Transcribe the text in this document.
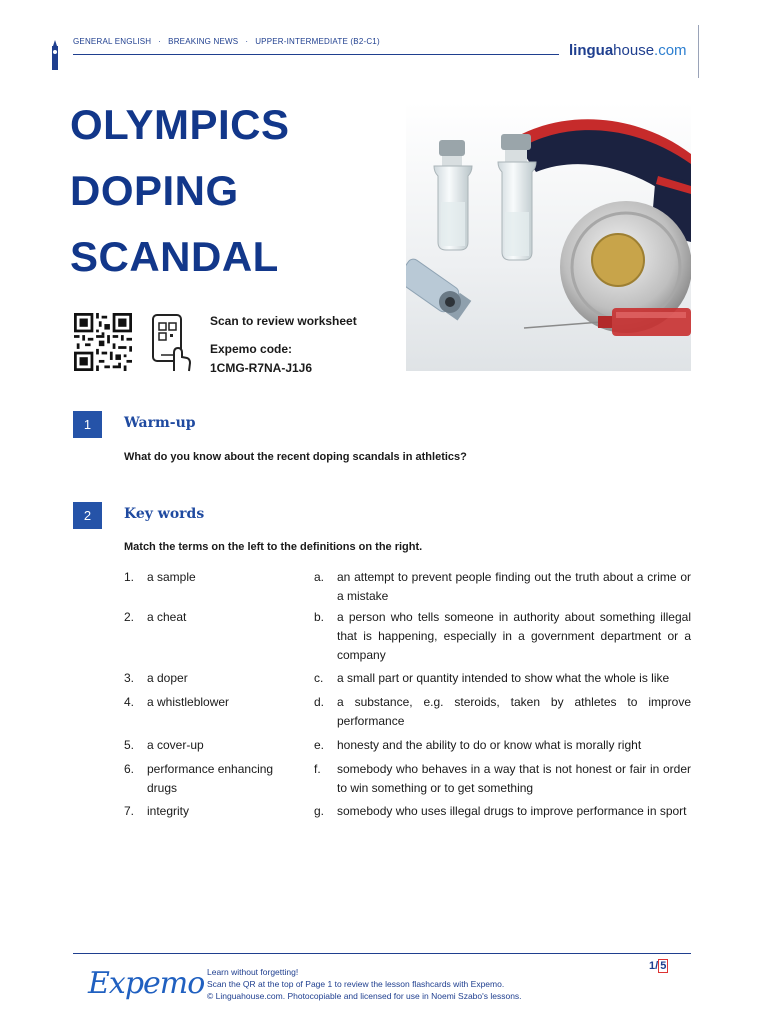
GENERAL ENGLISH · BREAKING NEWS · UPPER-INTERMEDIATE (B2-C1)
linguahouse.com
OLYMPICS
DOPING
SCANDAL
Scan to review worksheet
Expemo code:
1CMG-R7NA-J1J6
1	Warm-up
What do you know about the recent doping scandals in athletics?
2	Key words
Match the terms on the left to the definitions on the right.
1. a sample
2. a cheat
3. a doper
4. a whistleblower
5. a cover-up
6. performance enhancing drugs
7. integrity
a. an attempt to prevent people finding out the truth about a crime or a mistake
b. a person who tells someone in authority about something illegal that is happening, especially in a government department or a company
c. a small part or quantity intended to show what the whole is like
d. a substance, e.g. steroids, taken by athletes to improve performance
e. honesty and the ability to do or know what is morally right
f. somebody who behaves in a way that is not honest or fair in order to win something or to get something
g. somebody who uses illegal drugs to improve performance in sport
Expemo Learn without forgetting!
Scan the QR at the top of Page 1 to review the lesson flashcards with Expemo.
© Linguahouse.com. Photocopiable and licensed for use in Noemi Szabo's lessons.
1/ 5
